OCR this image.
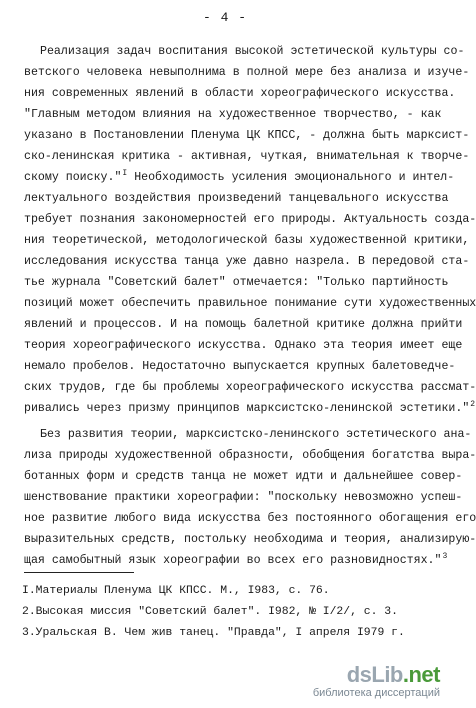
- 4 -
Реализация задач воспитания высокой эстетической культуры со-
ветского человека невыполнима в полной мере без анализа и изуче-
ния современных явлений в области хореографического искусства.
"Главным методом влияния на художественное творчество, - как
указано в Постановлении Пленума ЦК КПСС, - должна быть марксист-
ско-ленинская критика - активная, чуткая, внимательная к творче-
скому поиску."$^I$ Необходимость усиления эмоционального и интел-
лектуального воздействия произведений танцевального искусства
требует познания закономерностей его природы. Актуальность созда-
ния теоретической, методологической базы художественной критики,
исследования искусства танца уже давно назрела. В передовой ста-
тье журнала "Советский балет" отмечается: "Только партийность
позиций может обеспечить правильное понимание сути художественных
явлений и процессов. И на помощь балетной критике должна прийти
теория хореографического искусства. Однако эта теория имеет еще
немало пробелов. Недостаточно выпускается крупных балетоведче-
ских трудов, где бы проблемы хореографического искусства рассмат-
ривались через призму принципов марксистско-ленинской эстетики."$^2$
Без развития теории, марксистско-ленинского эстетического ана-
лиза природы художественной образности, обобщения богатства выра-
ботанных форм и средств танца не может идти и дальнейшее совер-
шенствование практики хореографии: "поскольку невозможно успеш-
ное развитие любого вида искусства без постоянного обогащения его
выразительных средств, постольку необходима и теория, анализирую-
щая самобытный язык хореографии во всех его разновидностях."$^3$
I.Материалы Пленума ЦК КПСС. М., I983, с. 76.
2.Высокая миссия "Советский балет". I982, № I/2/, с. 3.
3.Уральская В. Чем жив танец. "Правда", I апреля I979 г.
dsLib.net
библиотека диссертаций
